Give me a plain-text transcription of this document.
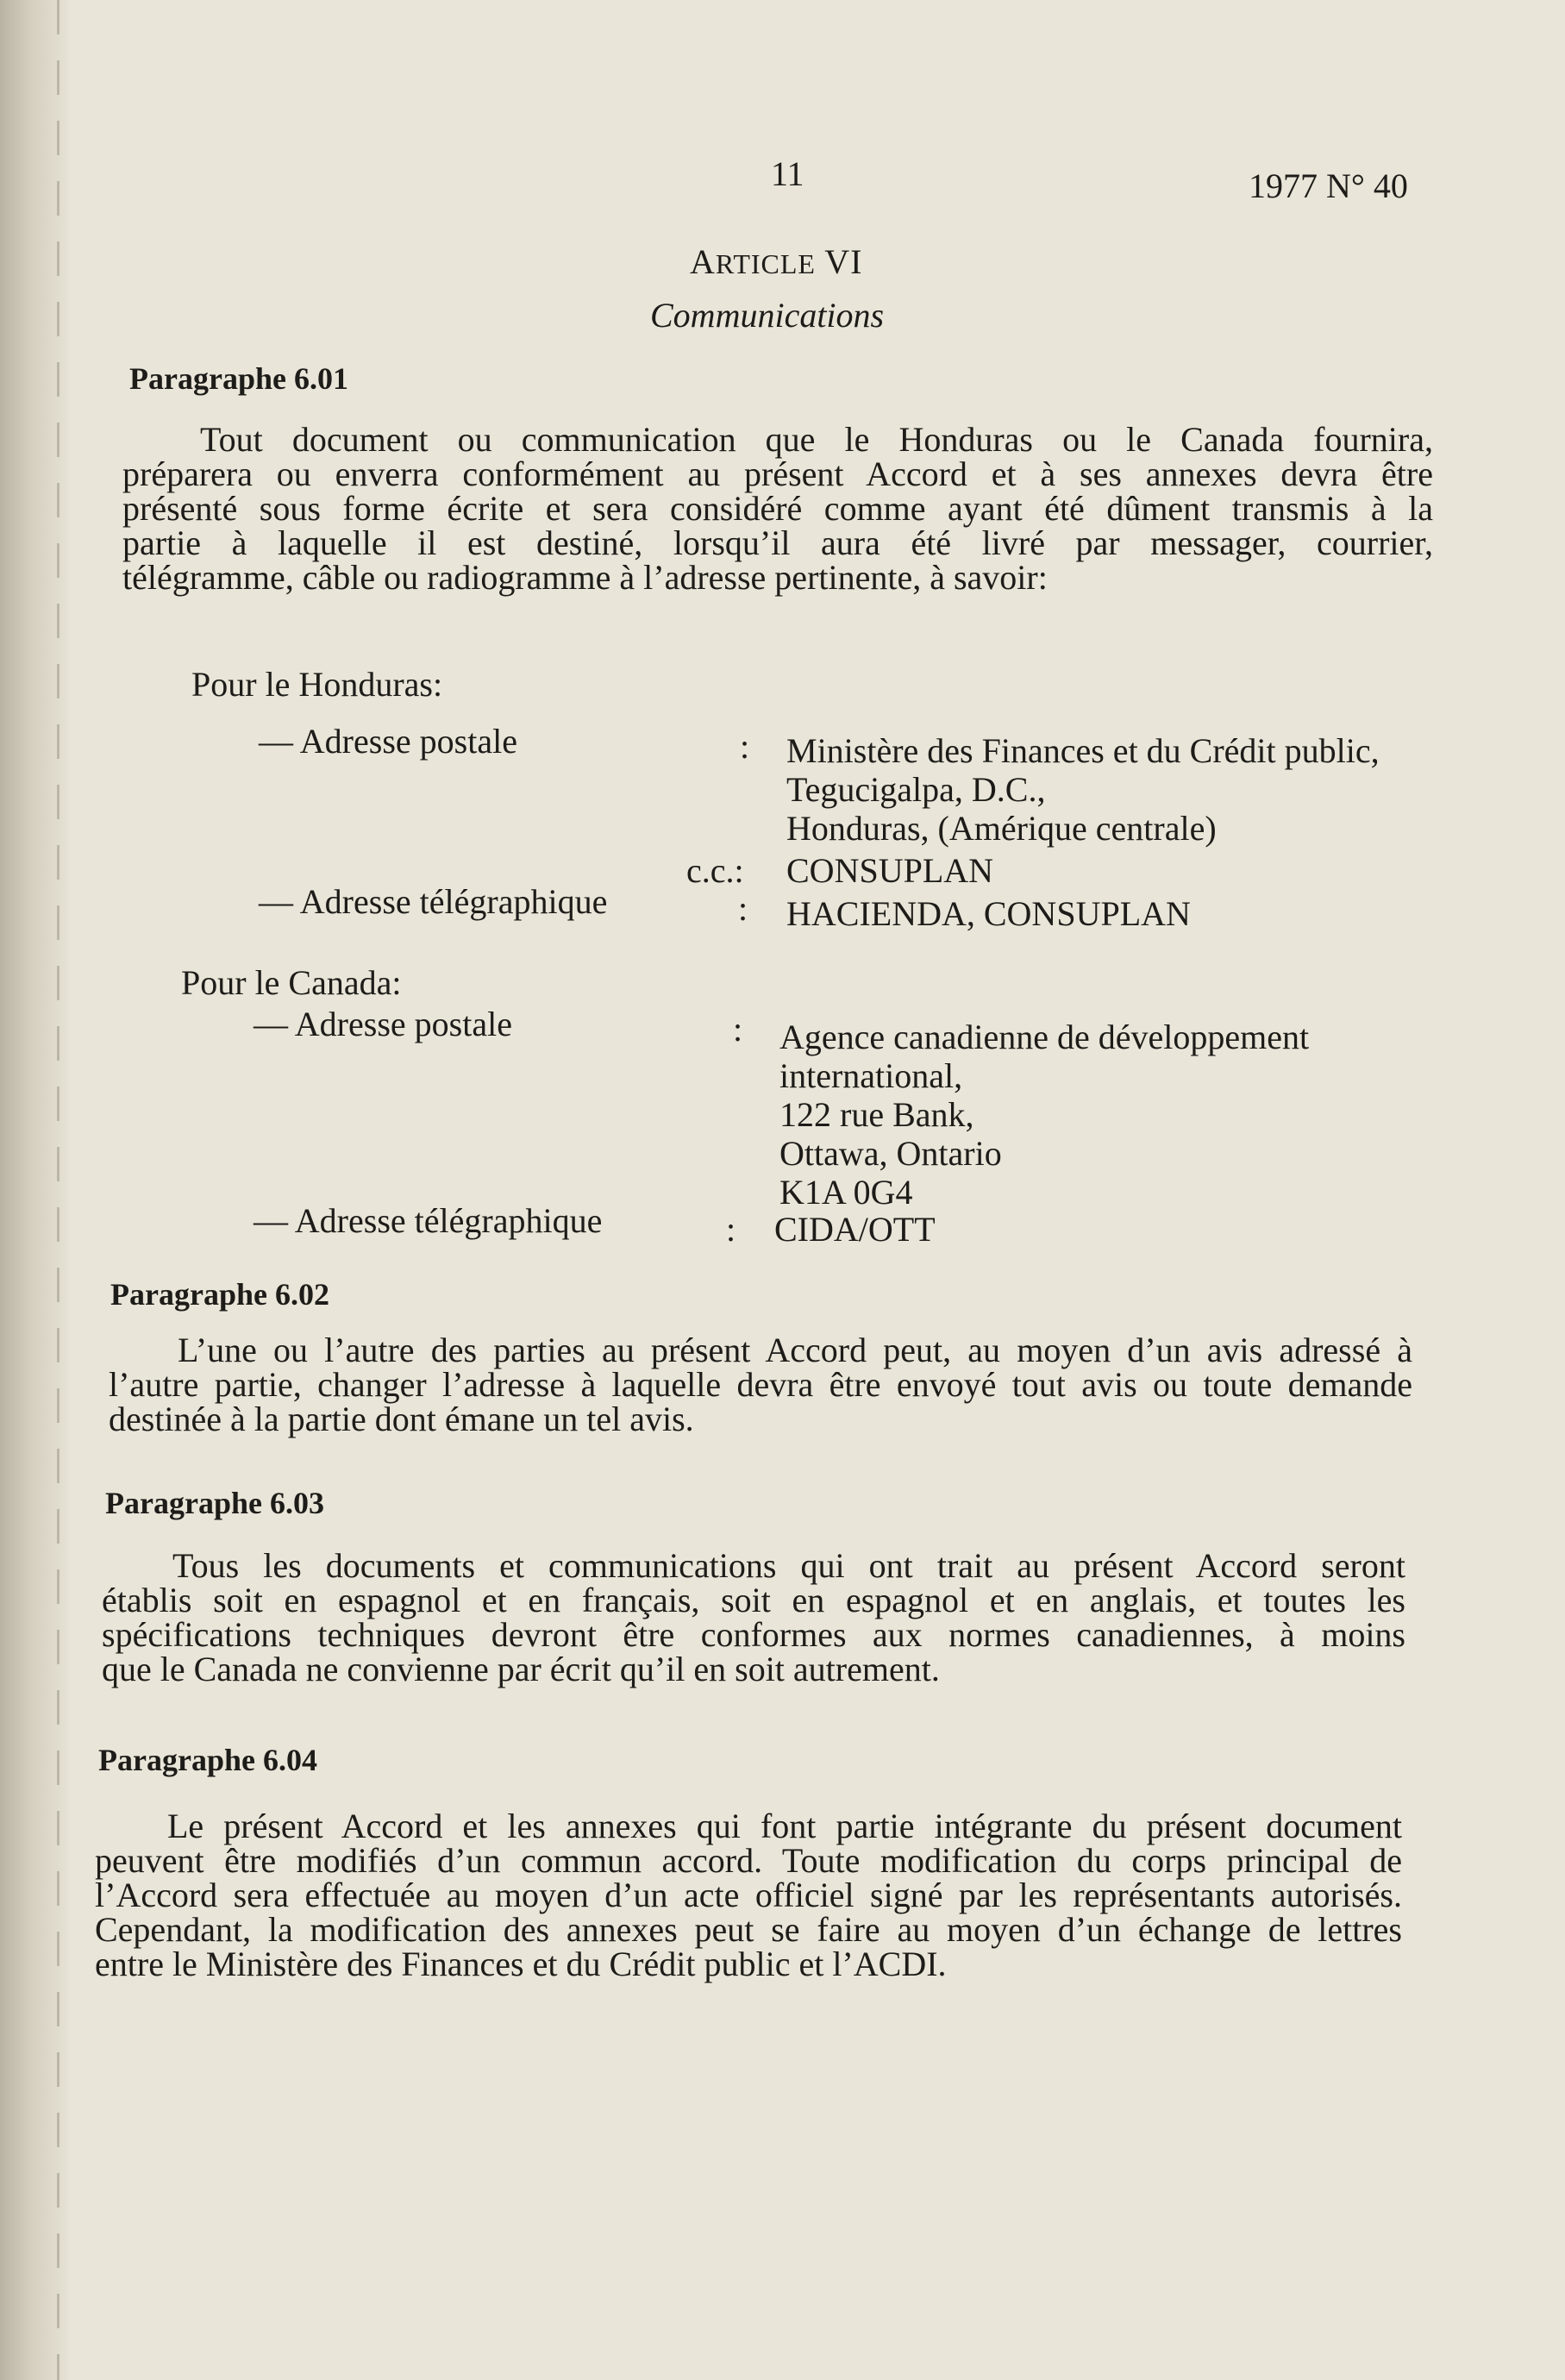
11	1977 N° 40
ARTICLE VI
Communications
Paragraphe 6.01
Tout document ou communication que le Honduras ou le Canada fournira,
préparera ou enverra conformément au présent Accord et à ses annexes devra être
présenté sous forme écrite et sera considéré comme ayant été dûment transmis à la
partie à laquelle il est destiné, lorsqu’il aura été livré par messager, courrier,
télégramme, câble ou radiogramme à l’adresse pertinente, à savoir:
Pour le Honduras:
— Adresse postale	: Ministère des Finances et du Crédit public,
Tegucigalpa, D.C.,
Honduras, (Amérique centrale)
c.c.: CONSUPLAN
— Adresse télégraphique	: HACIENDA, CONSUPLAN
Pour le Canada:
— Adresse postale	: Agence canadienne de développement
international,
122 rue Bank,
Ottawa, Ontario
K1A 0G4
— Adresse télégraphique	: CIDA/OTT
Paragraphe 6.02
L’une ou l’autre des parties au présent Accord peut, au moyen d’un avis adressé à
l’autre partie, changer l’adresse à laquelle devra être envoyé tout avis ou toute demande
destinée à la partie dont émane un tel avis.
Paragraphe 6.03
Tous les documents et communications qui ont trait au présent Accord seront
établis soit en espagnol et en français, soit en espagnol et en anglais, et toutes les
spécifications techniques devront être conformes aux normes canadiennes, à moins
que le Canada ne convienne par écrit qu’il en soit autrement.
Paragraphe 6.04
Le présent Accord et les annexes qui font partie intégrante du présent document
peuvent être modifiés d’un commun accord. Toute modification du corps principal de
l’Accord sera effectuée au moyen d’un acte officiel signé par les représentants autorisés.
Cependant, la modification des annexes peut se faire au moyen d’un échange de lettres
entre le Ministère des Finances et du Crédit public et l’ACDI.
